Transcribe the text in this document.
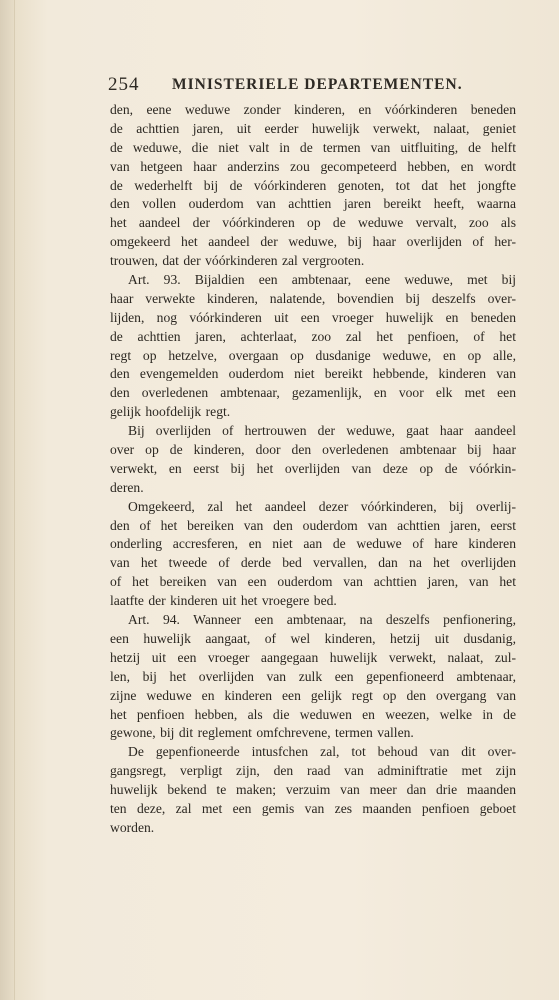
254 MINISTERIELE DEPARTEMENTEN.
den, eene weduwe zonder kinderen, en vóórkinderen beneden
de achttien jaren, uit eerder huwelijk verwekt, nalaat, geniet
de weduwe, die niet valt in de termen van uitfluiting, de helft
van hetgeen haar anderzins zou gecompeteerd hebben, en wordt
de wederhelft bij de vóórkinderen genoten, tot dat het jongfte
den vollen ouderdom van achttien jaren bereikt heeft, waarna
het aandeel der vóórkinderen op de weduwe vervalt, zoo als
omgekeerd het aandeel der weduwe, bij haar overlijden of her-
trouwen, dat der vóórkinderen zal vergrooten.
Art. 93. Bijaldien een ambtenaar, eene weduwe, met bij
haar verwekte kinderen, nalatende, bovendien bij deszelfs over-
lijden, nog vóórkinderen uit een vroeger huwelijk en beneden
de achttien jaren, achterlaat, zoo zal het penfioen, of het
regt op hetzelve, overgaan op dusdanige weduwe, en op alle,
den evengemelden ouderdom niet bereikt hebbende, kinderen van
den overledenen ambtenaar, gezamenlijk, en voor elk met een
gelijk hoofdelijk regt.
Bij overlijden of hertrouwen der weduwe, gaat haar aandeel
over op de kinderen, door den overledenen ambtenaar bij haar
verwekt, en eerst bij het overlijden van deze op de vóórkin-
deren.
Omgekeerd, zal het aandeel dezer vóórkinderen, bij overlij-
den of het bereiken van den ouderdom van achttien jaren, eerst
onderling accresferen, en niet aan de weduwe of hare kinderen
van het tweede of derde bed vervallen, dan na het overlijden
of het bereiken van een ouderdom van achttien jaren, van het
laatfte der kinderen uit het vroegere bed.
Art. 94. Wanneer een ambtenaar, na deszelfs penfionering,
een huwelijk aangaat, of wel kinderen, hetzij uit dusdanig,
hetzij uit een vroeger aangegaan huwelijk verwekt, nalaat, zul-
len, bij het overlijden van zulk een gepenfioneerd ambtenaar,
zijne weduwe en kinderen een gelijk regt op den overgang van
het penfioen hebben, als die weduwen en weezen, welke in de
gewone, bij dit reglement omfchrevene, termen vallen.
De gepenfioneerde intusfchen zal, tot behoud van dit over-
gangsregt, verpligt zijn, den raad van adminiftratie met zijn
huwelijk bekend te maken; verzuim van meer dan drie maanden
ten deze, zal met een gemis van zes maanden penfioen geboet
worden.
